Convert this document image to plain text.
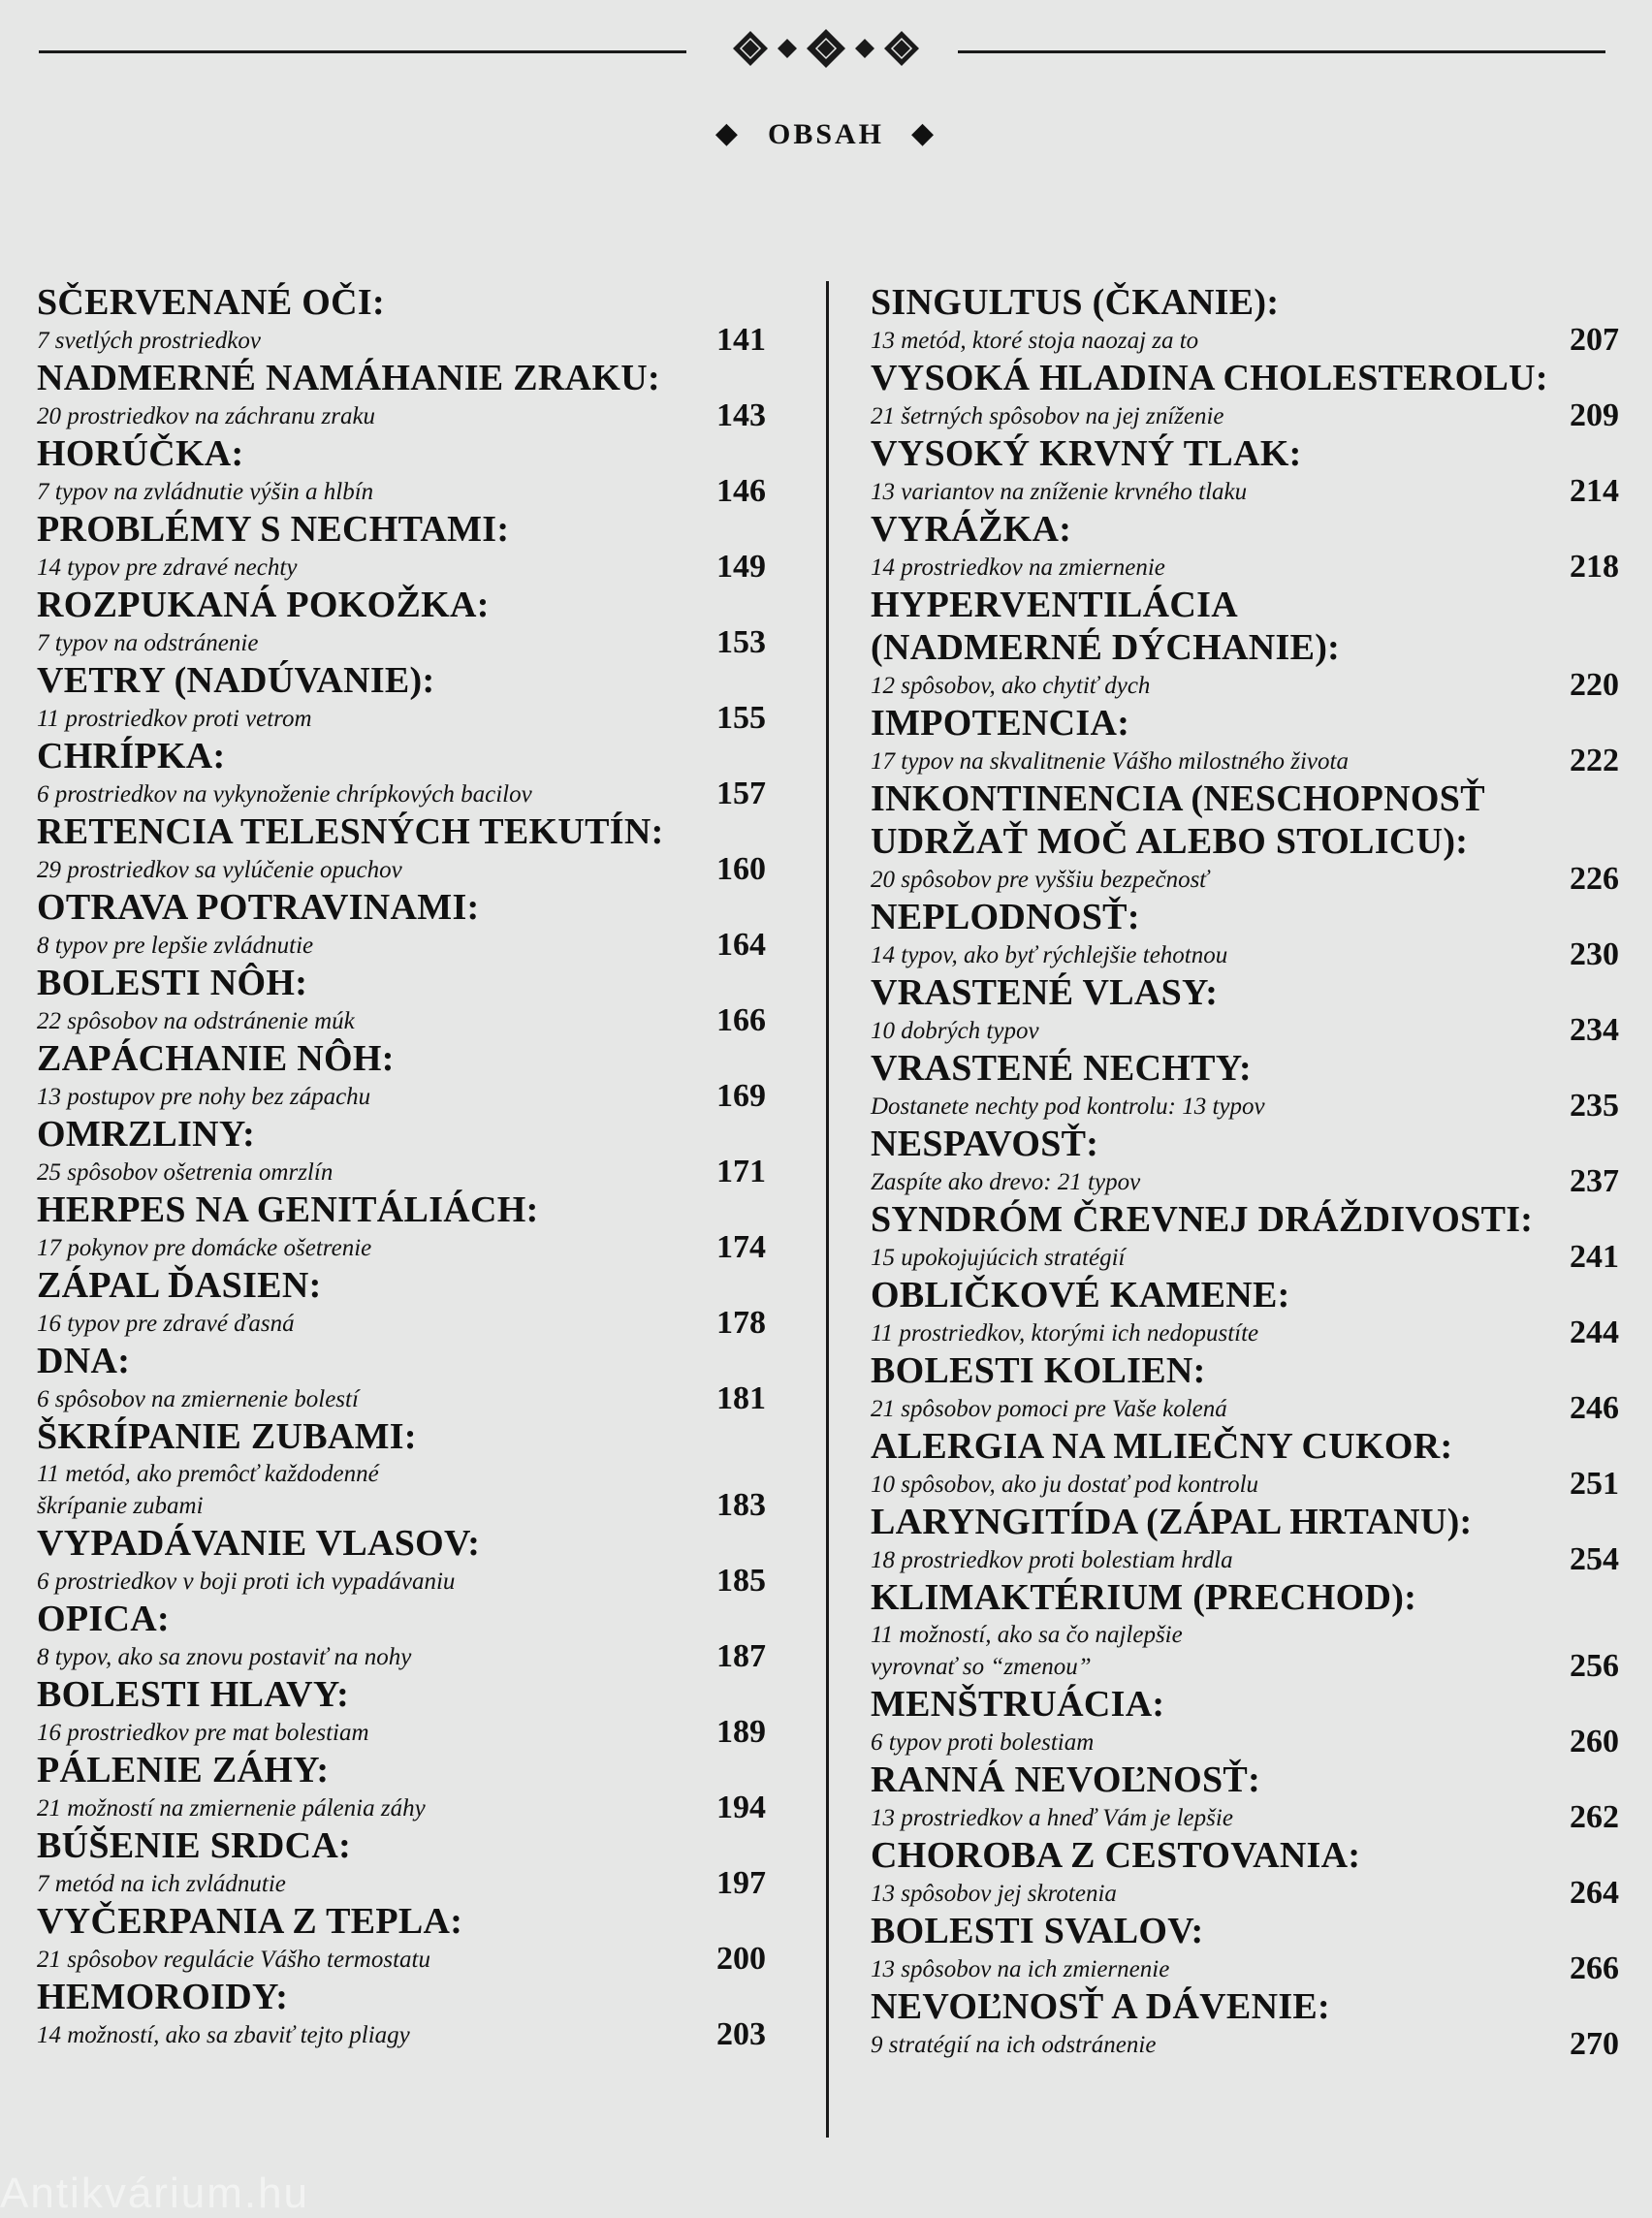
◆ OBSAH ◆
SČERVENANÉ OČI:
7 svetlých prostriedkov	141
NADMERNÉ NAMÁHANIE ZRAKU:
20 prostriedkov na záchranu zraku	143
HORÚČKA:
7 typov na zvládnutie výšin a hlbín	146
PROBLÉMY S NECHTAMI:
14 typov pre zdravé nechty	149
ROZPUKANÁ POKOŽKA:
7 typov na odstránenie	153
VETRY (NADÚVANIE):
11 prostriedkov proti vetrom	155
CHRÍPKA:
6 prostriedkov na vykynoženie chrípkových bacilov	157
RETENCIA TELESNÝCH TEKUTÍN:
29 prostriedkov sa vylúčenie opuchov	160
OTRAVA POTRAVINAMI:
8 typov pre lepšie zvládnutie	164
BOLESTI NÔH:
22 spôsobov na odstránenie múk	166
ZAPÁCHANIE NÔH:
13 postupov pre nohy bez zápachu	169
OMRZLINY:
25 spôsobov ošetrenia omrzlín	171
HERPES NA GENITÁLIÁCH:
17 pokynov pre domácke ošetrenie	174
ZÁPAL ĎASIEN:
16 typov pre zdravé ďasná	178
DNA:
6 spôsobov na zmiernenie bolestí	181
ŠKRÍPANIE ZUBAMI:
11 metód, ako premôcť každodenné
škrípanie zubami	183
VYPADÁVANIE VLASOV:
6 prostriedkov v boji proti ich vypadávaniu	185
OPICA:
8 typov, ako sa znovu postaviť na nohy	187
BOLESTI HLAVY:
16 prostriedkov pre mat bolestiam	189
PÁLENIE ZÁHY:
21 možností na zmiernenie pálenia záhy	194
BÚŠENIE SRDCA:
7 metód na ich zvládnutie	197
VYČERPANIA Z TEPLA:
21 spôsobov regulácie Vášho termostatu	200
HEMOROIDY:
14 možností, ako sa zbaviť tejto pliagy	203
SINGULTUS (ČKANIE):
13 metód, ktoré stoja naozaj za to	207
VYSOKÁ HLADINA CHOLESTEROLU:
21 šetrných spôsobov na jej zníženie	209
VYSOKÝ KRVNÝ TLAK:
13 variantov na zníženie krvného tlaku	214
VYRÁŽKA:
14 prostriedkov na zmiernenie	218
HYPERVENTILÁCIA
(NADMERNÉ DÝCHANIE):
12 spôsobov, ako chytiť dych	220
IMPOTENCIA:
17 typov na skvalitnenie Vášho milostného života	222
INKONTINENCIA (NESCHOPNOSŤ
UDRŽAŤ MOČ ALEBO STOLICU):
20 spôsobov pre vyššiu bezpečnosť	226
NEPLODNOSŤ:
14 typov, ako byť rýchlejšie tehotnou	230
VRASTENÉ VLASY:
10 dobrých typov	234
VRASTENÉ NECHTY:
Dostanete nechty pod kontrolu: 13 typov	235
NESPAVOSŤ:
Zaspíte ako drevo: 21 typov	237
SYNDRÓM ČREVNEJ DRÁŽDIVOSTI:
15 upokojujúcich stratégií	241
OBLIČKOVÉ KAMENE:
11 prostriedkov, ktorými ich nedopustíte	244
BOLESTI KOLIEN:
21 spôsobov pomoci pre Vaše kolená	246
ALERGIA NA MLIEČNY CUKOR:
10 spôsobov, ako ju dostať pod kontrolu	251
LARYNGITÍDA (ZÁPAL HRTANU):
18 prostriedkov proti bolestiam hrdla	254
KLIMAKTÉRIUM (PRECHOD):
11 možností, ako sa čo najlepšie
vyrovnať so “zmenou”	256
MENŠTRUÁCIA:
6 typov proti bolestiam	260
RANNÁ NEVOĽNOSŤ:
13 prostriedkov a hneď Vám je lepšie	262
CHOROBA Z CESTOVANIA:
13 spôsobov jej skrotenia	264
BOLESTI SVALOV:
13 spôsobov na ich zmiernenie	266
NEVOĽNOSŤ A DÁVENIE:
9 stratégií na ich odstránenie	270
Antikvárium.hu
